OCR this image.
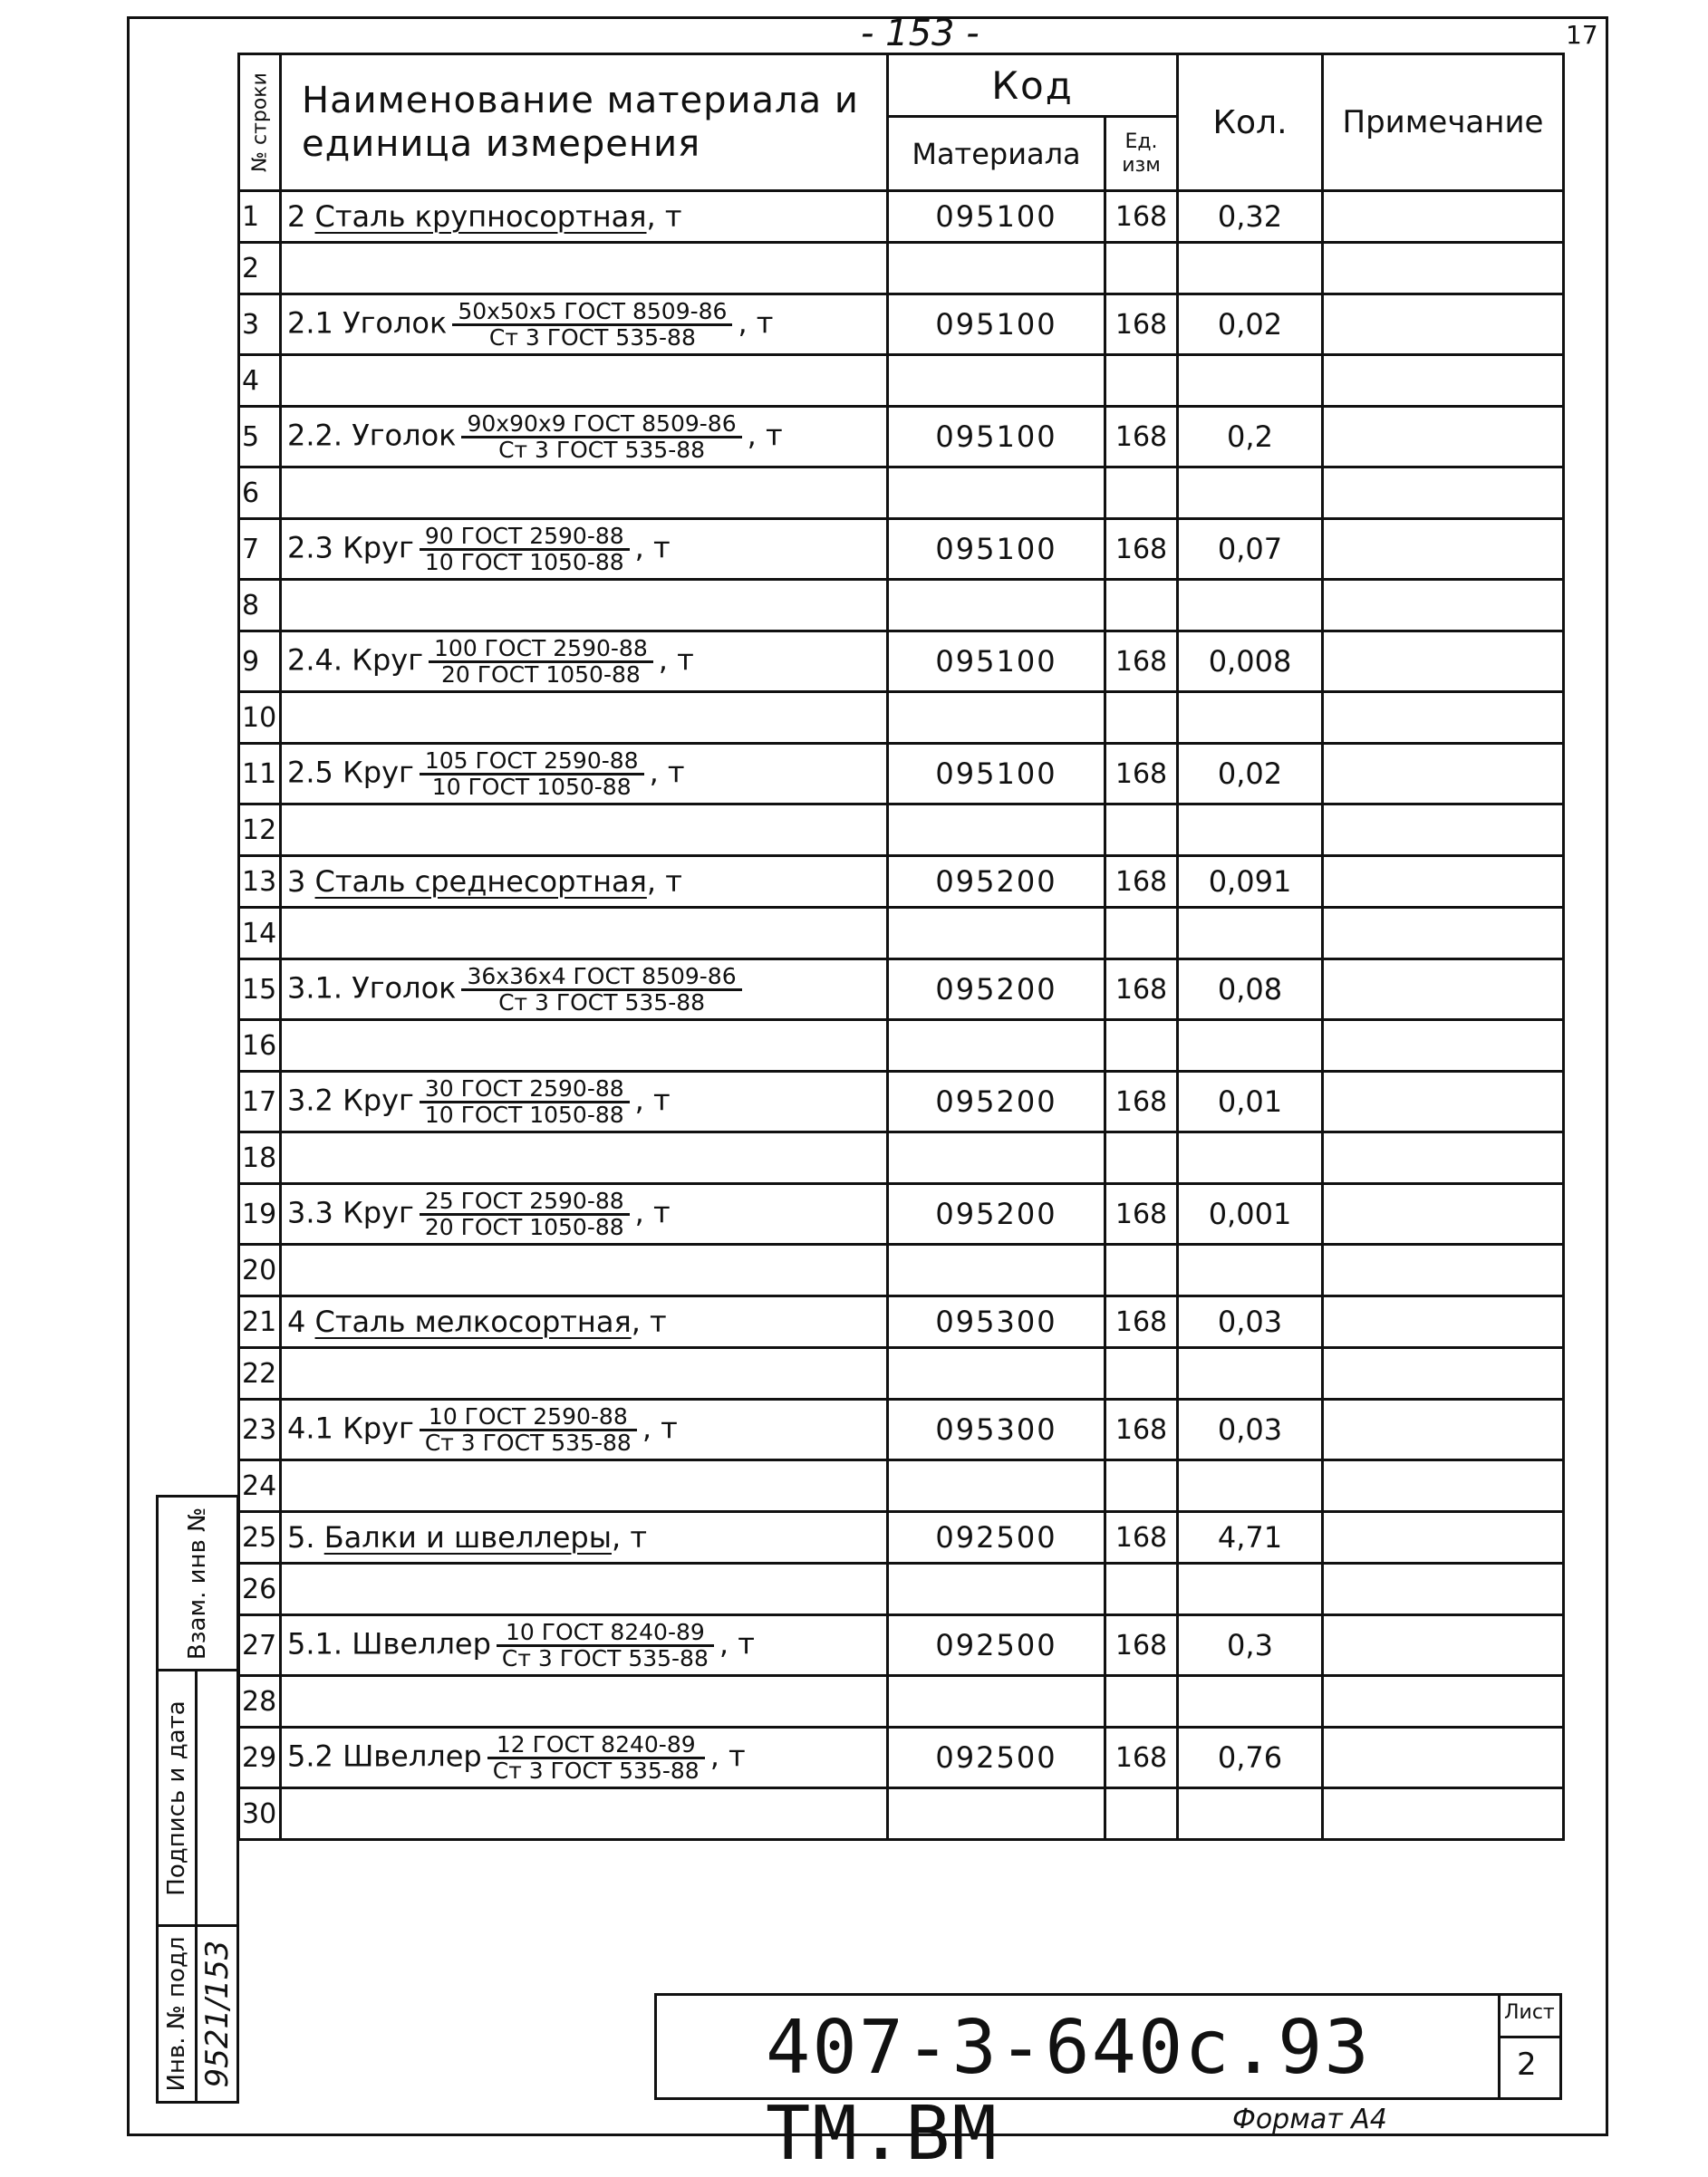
- 153 -	17
№ строки	Наименование материала и единица измерения	Код		Кол.	Примечание
		Материала	Ед. изм		
1	2 Сталь крупносортная, т	095100	168	0,32	
2					
3	2.1 Уголок $\frac{\text{50x50x5 ГОСТ 8509-86}}{\text{Ст 3 ГОСТ 535-88}}$ , т	095100	168	0,02	
4					
5	2.2. Уголок $\frac{\text{90x90x9 ГОСТ 8509-86}}{\text{Ст 3 ГОСТ 535-88}}$ , т	095100	168	0,2	
6					
7	2.3 Круг $\frac{\text{90 ГОСТ 2590-88}}{\text{10 ГОСТ 1050-88}}$ , т	095100	168	0,07	
8					
9	2.4. Круг $\frac{\text{100 ГОСТ 2590-88}}{\text{20 ГОСТ 1050-88}}$ , т	095100	168	0,008	
10					
11	2.5 Круг $\frac{\text{105 ГОСТ 2590-88}}{\text{10 ГОСТ 1050-88}}$ , т	095100	168	0,02	
12					
13	3 Сталь среднесортная, т	095200	168	0,091	
14					
15	3.1. Уголок $\frac{\text{36x36x4 ГОСТ 8509-86}}{\text{Ст 3 ГОСТ 535-88}}$	095200	168	0,08	
16					
17	3.2 Круг $\frac{\text{30 ГОСТ 2590-88}}{\text{10 ГОСТ 1050-88}}$ , т	095200	168	0,01	
18					
19	3.3 Круг $\frac{\text{25 ГОСТ 2590-88}}{\text{20 ГОСТ 1050-88}}$ , т	095200	168	0,001	
20					
21	4 Сталь мелкосортная, т	095300	168	0,03	
22					
23	4.1 Круг $\frac{\text{10 ГОСТ 2590-88}}{\text{Ст 3 ГОСТ 535-88}}$ , т	095300	168	0,03	
24					
25	5. Балки и швеллеры, т	092500	168	4,71	
26					
27	5.1. Швеллер $\frac{\text{10 ГОСТ 8240-89}}{\text{Ст 3 ГОСТ 535-88}}$ , т	092500	168	0,3	
28					
29	5.2 Швеллер $\frac{\text{12 ГОСТ 8240-89}}{\text{Ст 3 ГОСТ 535-88}}$ , т	092500	168	0,76	
30					
Взам. инв №
Подпись и дата
Инв. № подл 9521/153	407-3-640с.93 ТМ.ВМ
Лист
2
Формат А4
